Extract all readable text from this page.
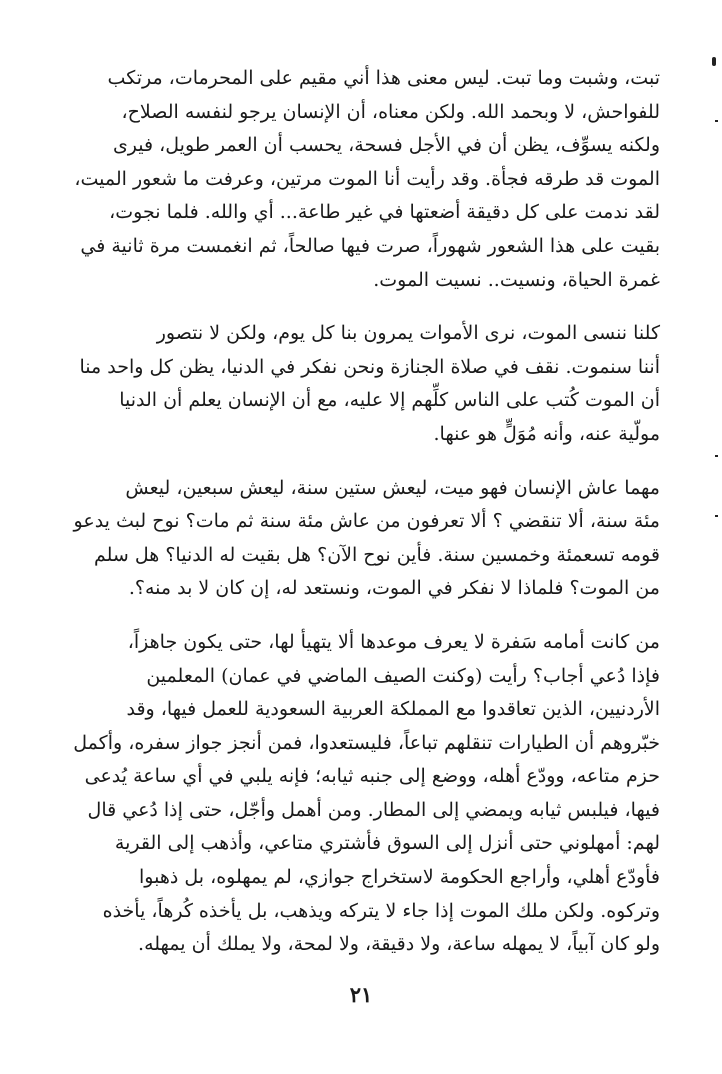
تبت، وشبت وما تبت. ليس معنى هذا أني مقيم على المحرمات، مرتكب
للفواحش، لا وبحمد الله. ولكن معناه، أن الإنسان يرجو لنفسه الصلاح،
ولكنه يسوِّف، يظن أن في الأجل فسحة، يحسب أن العمر طويل، فيرى
الموت قد طرقه فجأة. وقد رأيت أنا الموت مرتين، وعرفت ما شعور الميت،
لقد ندمت على كل دقيقة أضعتها في غير طاعة... أي والله. فلما نجوت،
بقيت على هذا الشعور شهوراً، صرت فيها صالحاً، ثم انغمست مرة ثانية في
غمرة الحياة، ونسيت.. نسيت الموت.

كلنا ننسى الموت، نرى الأموات يمرون بنا كل يوم، ولكن لا نتصور
أننا سنموت. نقف في صلاة الجنازة ونحن نفكر في الدنيا، يظن كل واحد منا
أن الموت كُتب على الناس كلِّهم إلا عليه، مع أن الإنسان يعلم أن الدنيا
مولّية عنه، وأنه مُوَلٍّ هو عنها.

مهما عاش الإنسان فهو ميت، ليعش ستين سنة، ليعش سبعين، ليعش
مئة سنة، ألا تنقضي ؟ ألا تعرفون من عاش مئة سنة ثم مات؟ نوح لبث يدعو
قومه تسعمئة وخمسين سنة. فأين نوح الآن؟ هل بقيت له الدنيا؟ هل سلم
من الموت؟ فلماذا لا نفكر في الموت، ونستعد له، إن كان لا بد منه؟.

من كانت أمامه سَفرة لا يعرف موعدها ألا يتهيأ لها، حتى يكون جاهزاً،
فإذا دُعي أجاب؟ رأيت (وكنت الصيف الماضي في عمان) المعلمين
الأردنيين، الذين تعاقدوا مع المملكة العربية السعودية للعمل فيها، وقد
خبّروهم أن الطيارات تنقلهم تباعاً، فليستعدوا، فمن أنجز جواز سفره، وأكمل
حزم متاعه، وودّع أهله، ووضع إلى جنبه ثيابه؛ فإنه يلبي في أي ساعة يُدعى
فيها، فيلبس ثيابه ويمضي إلى المطار. ومن أهمل وأجّل، حتى إذا دُعي قال
لهم: أمهلوني حتى أنزل إلى السوق فأشتري متاعي، وأذهب إلى القرية
فأودّع أهلي، وأراجع الحكومة لاستخراج جوازي، لم يمهلوه، بل ذهبوا
وتركوه. ولكن ملك الموت إذا جاء لا يتركه ويذهب، بل يأخذه كُرهاً، يأخذه
ولو كان آبياً، لا يمهله ساعة، ولا دقيقة، ولا لمحة، ولا يملك أن يمهله.

٢١
